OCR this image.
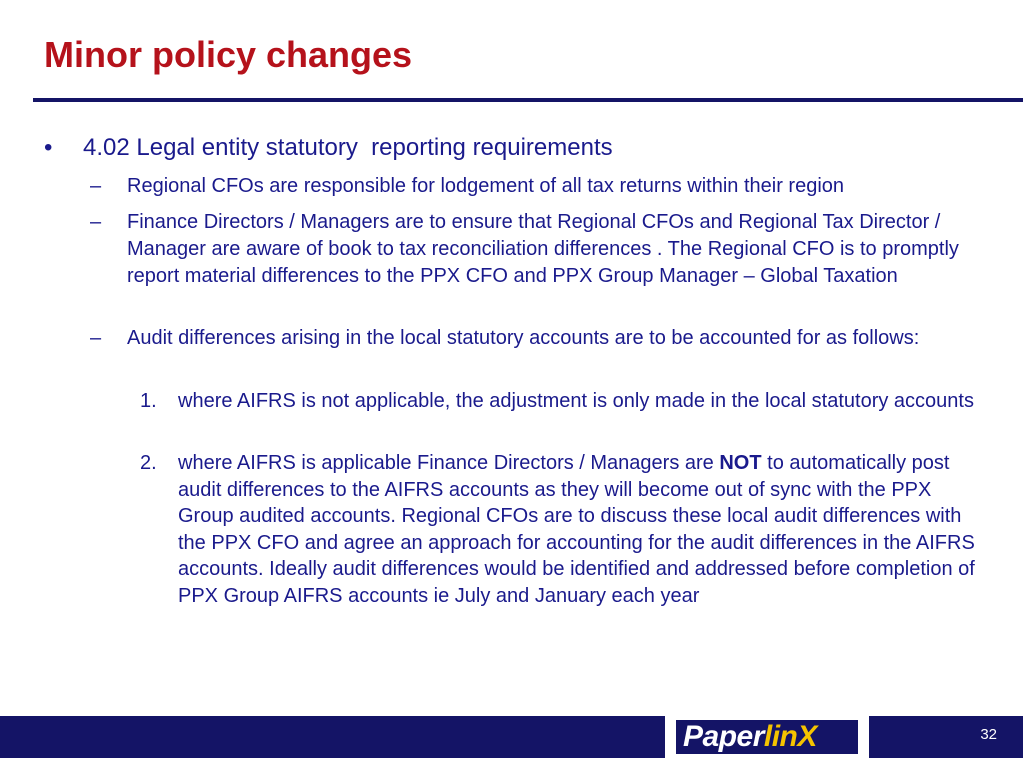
Minor policy changes
• 4.02 Legal entity statutory  reporting requirements
– Regional CFOs are responsible for lodgement of all tax returns within their region
– Finance Directors / Managers are to ensure that Regional CFOs and Regional Tax Director / Manager are aware of book to tax reconciliation differences . The Regional CFO is to promptly report material differences to the PPX CFO and PPX Group Manager – Global Taxation
– Audit differences arising in the local statutory accounts are to be accounted for as follows:
1. where AIFRS is not applicable, the adjustment is only made in the local statutory accounts
2. where AIFRS is applicable Finance Directors / Managers are NOT to automatically post audit differences to the AIFRS accounts as they will become out of sync with the PPX Group audited accounts. Regional CFOs are to discuss these local audit differences with the PPX CFO and agree an approach for accounting for the audit differences in the AIFRS accounts. Ideally audit differences would be identified and addressed before completion of PPX Group AIFRS accounts ie July and January each year
PaperlinX	32
